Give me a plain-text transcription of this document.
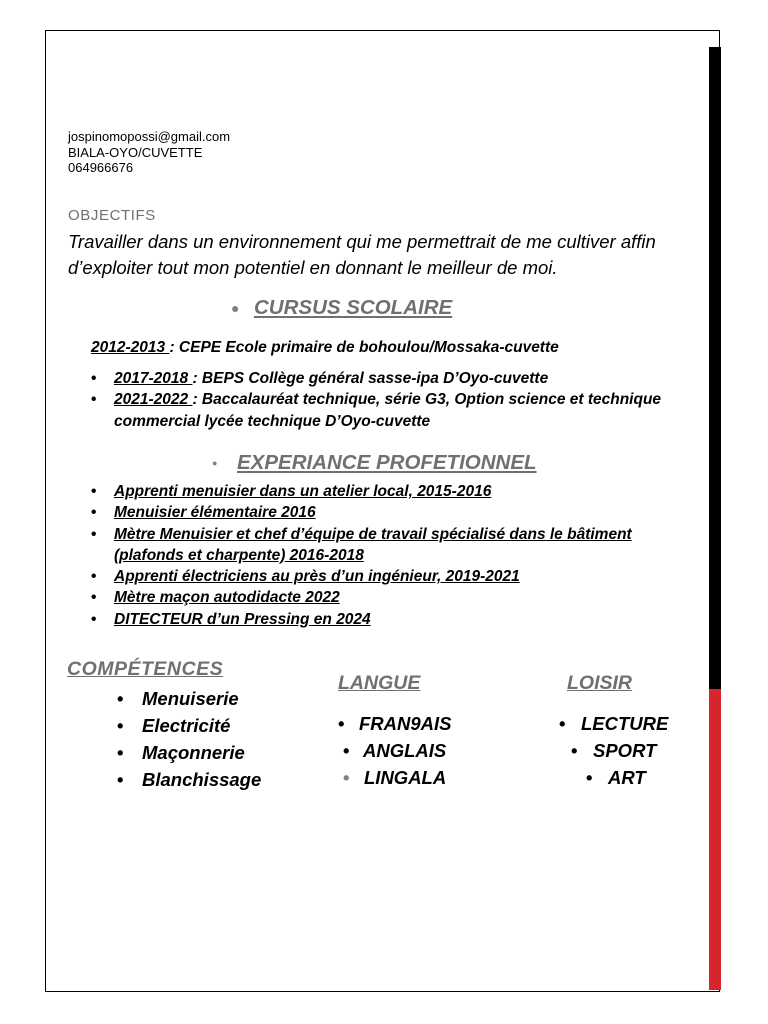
jospinomopossi@gmail.com
BIALA-OYO/CUVETTE
064966676
OBJECTIFS
Travailler dans un environnement qui me permettrait de me cultiver affin d’exploiter tout mon potentiel en donnant le meilleur de moi.
● CURSUS SCOLAIRE
2012-2013 : CEPE Ecole primaire de bohoulou/Mossaka-cuvette
• 2017-2018 : BEPS Collège général sasse-ipa D’Oyo-cuvette
• 2021-2022 : Baccalauréat technique, série G3, Option science et technique commercial lycée technique D’Oyo-cuvette
● EXPERIANCE PROFETIONNEL
• Apprenti menuisier dans un atelier local, 2015-2016
• Menuisier élémentaire 2016
• Mètre Menuisier et chef d’équipe de travail spécialisé dans le bâtiment (plafonds et charpente) 2016-2018
• Apprenti électriciens au près d’un ingénieur, 2019-2021
• Mètre maçon autodidacte 2022
• DITECTEUR d’un Pressing en 2024
COMPÉTENCES
• Menuiserie
• Electricité
• Maçonnerie
• Blanchissage
LANGUE
• FRAN9AIS
• ANGLAIS
• LINGALA
LOISIR
• LECTURE
• SPORT
• ART
